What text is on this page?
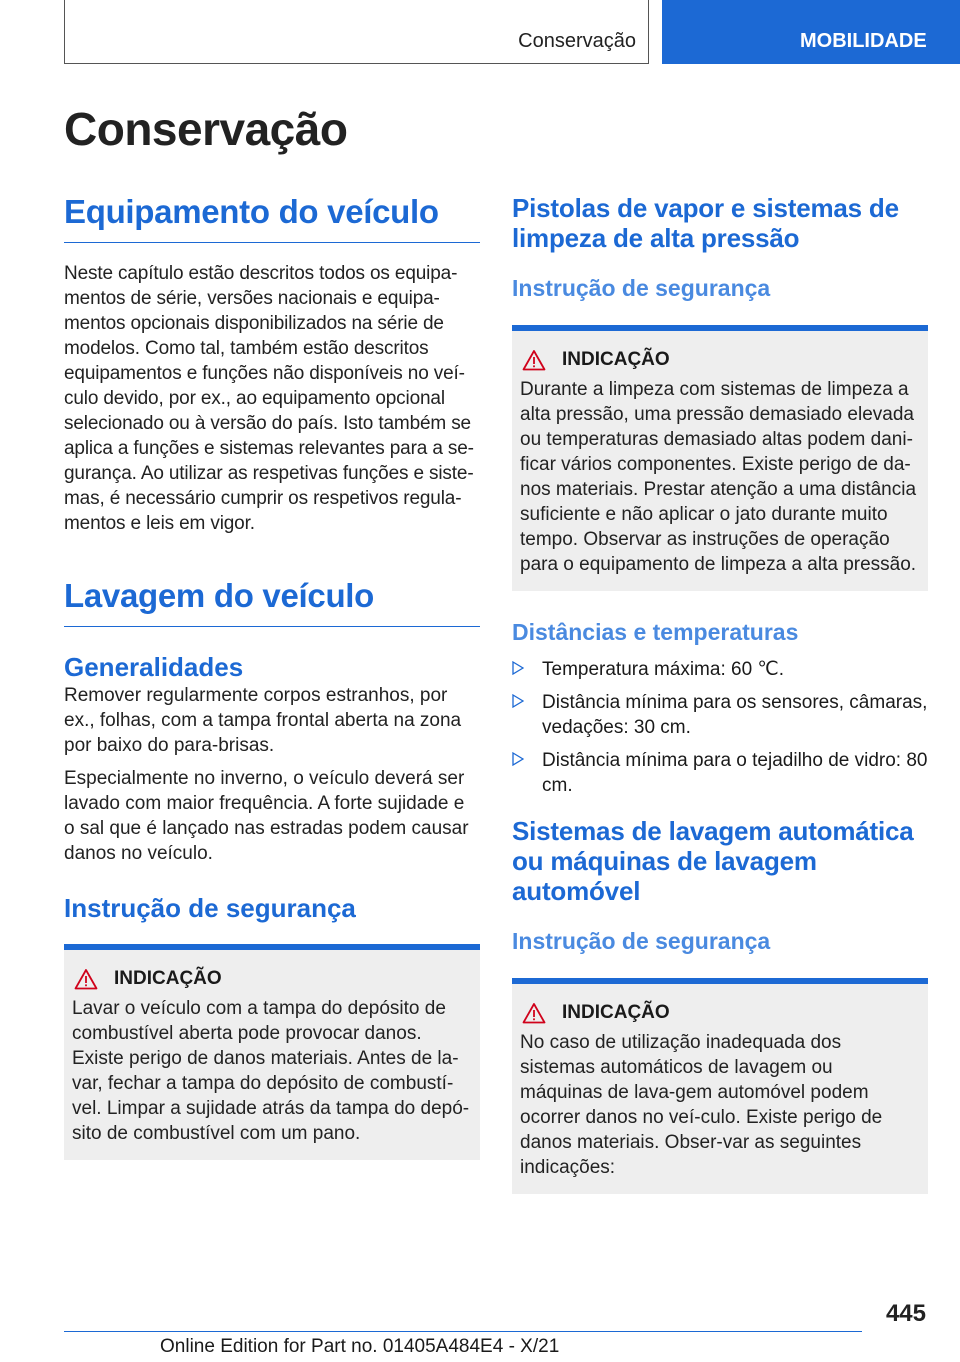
Conservação	MOBILIDADE
Conservação
Equipamento do veículo

Neste capítulo estão descritos todos os equipa-mentos de série, versões nacionais e equipa-mentos opcionais disponibilizados na série de modelos. Como tal, também estão descritos equipamentos e funções não disponíveis no veí-culo devido, por ex., ao equipamento opcional selecionado ou à versão do país. Isto também se aplica a funções e sistemas relevantes para a se-gurança. Ao utilizar as respetivas funções e siste-mas, é necessário cumprir os respetivos regula-mentos e leis em vigor.

Lavagem do veículo
Generalidades

Remover regularmente corpos estranhos, por ex., folhas, com a tampa frontal aberta na zona por baixo do para-brisas.

Especialmente no inverno, o veículo deverá ser lavado com maior frequência. A forte sujidade e o sal que é lançado nas estradas podem causar danos no veículo.

Instrução de segurança
INDICAÇÃO

Lavar o veículo com a tampa do depósito de combustível aberta pode provocar danos. Existe perigo de danos materiais. Antes de la-var, fechar a tampa do depósito de combustí-vel. Limpar a sujidade atrás da tampa do depó-sito de combustível com um pano.

Pistolas de vapor e sistemas de limpeza de alta pressão
Instrução de segurança
INDICAÇÃO

Durante a limpeza com sistemas de limpeza a alta pressão, uma pressão demasiado elevada ou temperaturas demasiado altas podem dani-ficar vários componentes. Existe perigo de da-nos materiais. Prestar atenção a uma distância suficiente e não aplicar o jato durante muito tempo. Observar as instruções de operação para o equipamento de limpeza a alta pressão.

Distâncias e temperaturas
Temperatura máxima: 60 ℃.
Distância mínima para os sensores, câmaras, vedações: 30 cm.
Distância mínima para o tejadilho de vidro: 80 cm.
Sistemas de lavagem automática ou máquinas de lavagem automóvel
Instrução de segurança
INDICAÇÃO

No caso de utilização inadequada dos sistemas automáticos de lavagem ou máquinas de lava-gem automóvel podem ocorrer danos no veí-culo. Existe perigo de danos materiais. Obser-var as seguintes indicações:

445
Online Edition for Part no. 01405A484E4 - X/21
